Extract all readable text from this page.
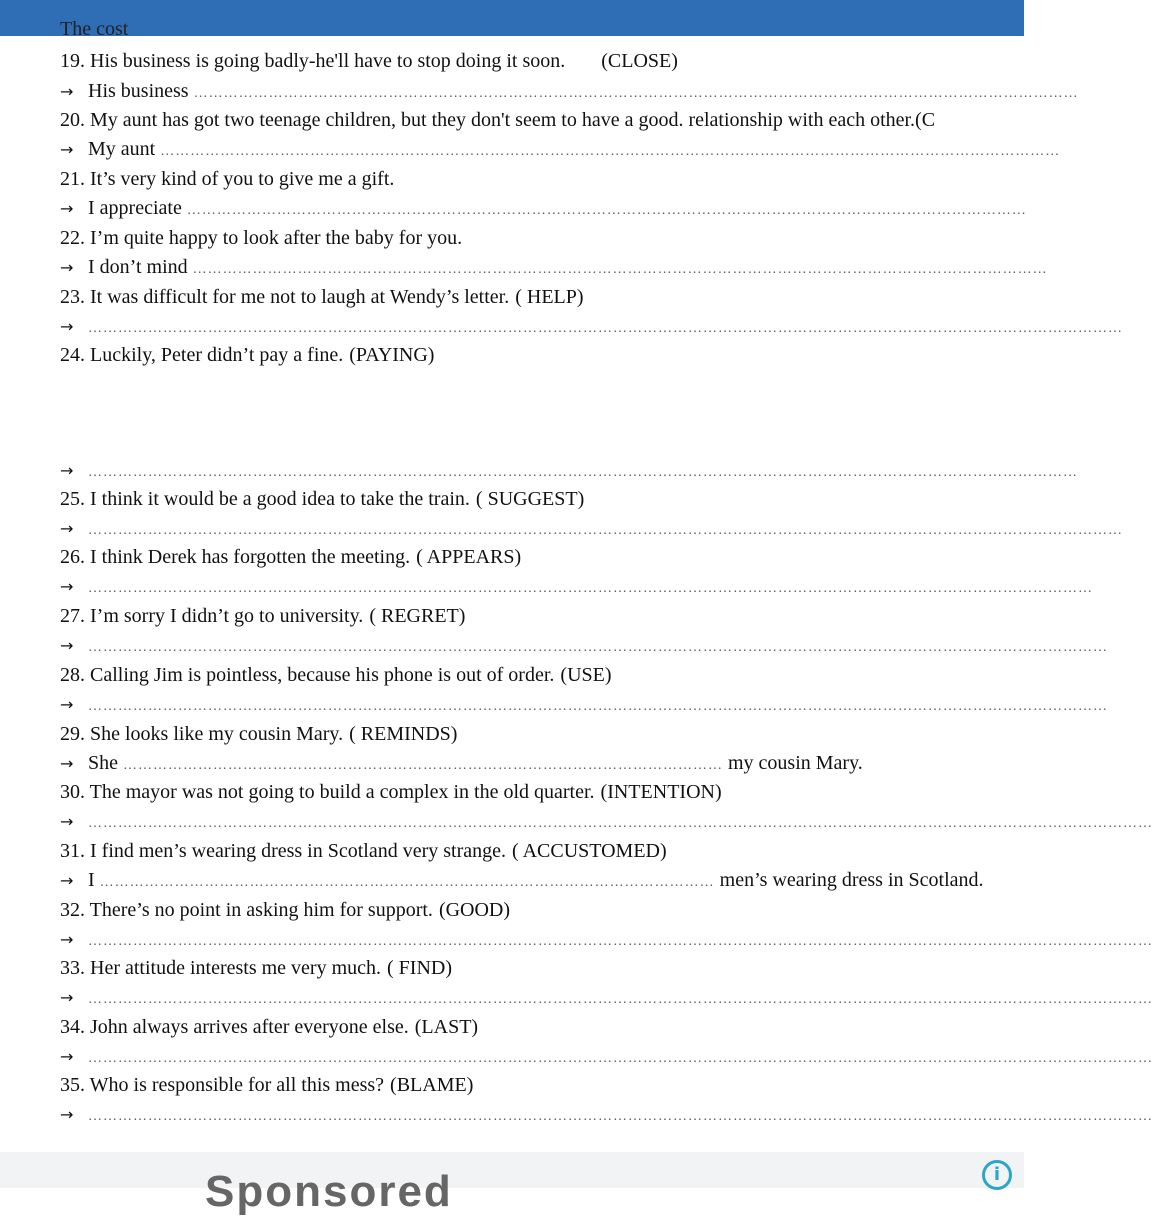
The cost
19. His business is going badly-he'll have to stop doing it soon. (CLOSE)
→ His business ……………………………………………………………………………………………………………………………………………………………
20. My aunt has got two teenage children, but they don't seem to have a good. relationship with each other.(C
→ My aunt ………………………………………………………………………………………………………………………………………………………………
21. It’s very kind of you to give me a gift.
→ I appreciate ……………………………………………………………………………………………………………………………………………………
22. I’m quite happy to look after the baby for you.
→ I don’t mind ………………………………………………………………………………………………………………………………………………………
23. It was difficult for me not to laugh at Wendy’s letter. ( HELP)
→ ………………………………………………………………………………………………………………………………………………………………………………………
24. Luckily, Peter didn’t pay a fine. (PAYING)
→ ………………………………………………………………………………………………………………………………………………………………………………
25. I think it would be a good idea to take the train. ( SUGGEST)
→ ………………………………………………………………………………………………………………………………………………………………………………………
26. I think Derek has forgotten the meeting. ( APPEARS)
→ …………………………………………………………………………………………………………………………………………………………………………………
27. I’m sorry I didn’t go to university. ( REGRET)
→ ……………………………………………………………………………………………………………………………………………………………………………………
28. Calling Jim is pointless, because his phone is out of order. (USE)
→ ……………………………………………………………………………………………………………………………………………………………………………………
29. She looks like my cousin Mary. ( REMINDS)
→ She ………………………………………………………………………………………………………… my cousin Mary.
30. The mayor was not going to build a complex in the old quarter. (INTENTION)
→ ……………………………………………………………………………………………………………………………………………………………………………………………
31. I find men’s wearing dress in Scotland very strange. ( ACCUSTOMED)
→ I …………………………………………………………………………………………………………… men’s wearing dress in Scotland.
32. There’s no point in asking him for support. (GOOD)
→ ……………………………………………………………………………………………………………………………………………………………………………………………
33. Her attitude interests me very much. ( FIND)
→ ……………………………………………………………………………………………………………………………………………………………………………………………
34. John always arrives after everyone else. (LAST)
→ ……………………………………………………………………………………………………………………………………………………………………………………………
35. Who is responsible for all this mess? (BLAME)
→ ……………………………………………………………………………………………………………………………………………………………………………………………
Sponsored	i
